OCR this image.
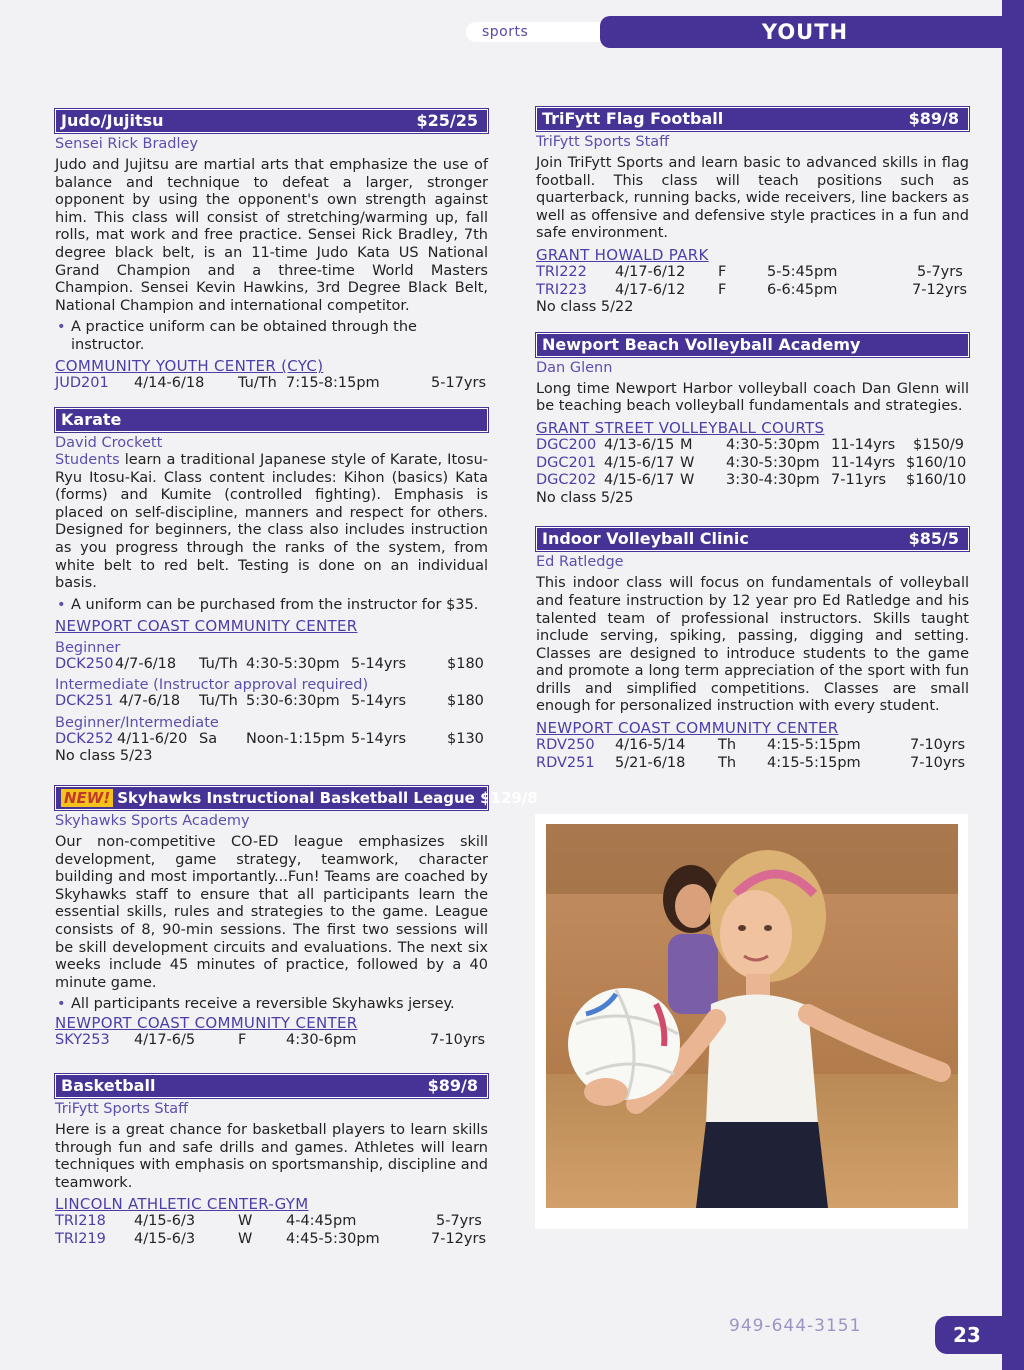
sports	YOUTH
Judo/Jujitsu	$25/25
Sensei Rick Bradley
Judo and Jujitsu are martial arts that emphasize the use of balance and technique to defeat a larger, stronger opponent by using the opponent's own strength against him. This class will consist of stretching/warming up, fall rolls, mat work and free practice. Sensei Rick Bradley, 7th degree black belt, is an 11-time Judo Kata US National Grand Champion and a three-time World Masters Champion. Sensei Kevin Hawkins, 3rd Degree Black Belt, National Champion and international competitor.
• A practice uniform can be obtained through the instructor.
COMMUNITY YOUTH CENTER (CYC)
JUD201 4/14-6/18 Tu/Th 7:15-8:15pm	5-17yrs
Karate
David Crockett
Students learn a traditional Japanese style of Karate, Itosu-Ryu Itosu-Kai. Class content includes: Kihon (basics) Kata (forms) and Kumite (controlled fighting). Emphasis is placed on self-discipline, manners and respect for others. Designed for beginners, the class also includes instruction as you progress through the ranks of the system, from white belt to red belt. Testing is done on an individual basis.
• A uniform can be purchased from the instructor for $35.
NEWPORT COAST COMMUNITY CENTER
Beginner
DCK250 4/7-6/18 Tu/Th 4:30-5:30pm 5-14yrs	$180
Intermediate (Instructor approval required)
DCK251 4/7-6/18 Tu/Th 5:30-6:30pm 5-14yrs	$180
Beginner/Intermediate
DCK252 4/11-6/20 Sa Noon-1:15pm 5-14yrs	$130
No class 5/23
NEW! Skyhawks Instructional Basketball League $129/8
Skyhawks Sports Academy
Our non-competitive CO-ED league emphasizes skill development, game strategy, teamwork, character building and most importantly...Fun! Teams are coached by Skyhawks staff to ensure that all participants learn the essential skills, rules and strategies to the game. League consists of 8, 90-min sessions. The first two sessions will be skill development circuits and evaluations. The next six weeks include 45 minutes of practice, followed by a 40 minute game.
• All participants receive a reversible Skyhawks jersey.
NEWPORT COAST COMMUNITY CENTER
SKY253 4/17-6/5	F	4:30-6pm	7-10yrs
Basketball	$89/8
TriFytt Sports Staff
Here is a great chance for basketball players to learn skills through fun and safe drills and games. Athletes will learn techniques with emphasis on sportsmanship, discipline and teamwork.
LINCOLN ATHLETIC CENTER-GYM
TRI218 4/15-6/3	W 4-4:45pm	5-7yrs
TRI219 4/15-6/3	W 4:45-5:30pm	7-12yrs
TriFytt Flag Football	$89/8
TriFytt Sports Staff
Join TriFytt Sports and learn basic to advanced skills in flag football. This class will teach positions such as quarterback, running backs, wide receivers, line backers as well as offensive and defensive style practices in a fun and safe environment.
GRANT HOWALD PARK
TRI222 4/17-6/12 F	5-5:45pm	5-7yrs
TRI223 4/17-6/12 F	6-6:45pm	7-12yrs
No class 5/22
Newport Beach Volleyball Academy
Dan Glenn
Long time Newport Harbor volleyball coach Dan Glenn will be teaching beach volleyball fundamentals and strategies.
GRANT STREET VOLLEYBALL COURTS
DGC200 4/13-6/15 M 4:30-5:30pm 11-14yrs $150/9
DGC201 4/15-6/17 W 4:30-5:30pm 11-14yrs $160/10
DGC202 4/15-6/17 W 3:30-4:30pm 7-11yrs $160/10
No class 5/25
Indoor Volleyball Clinic	$85/5
Ed Ratledge
This indoor class will focus on fundamentals of volleyball and feature instruction by 12 year pro Ed Ratledge and his talented team of professional instructors. Skills taught include serving, spiking, passing, digging and setting. Classes are designed to introduce students to the game and promote a long term appreciation of the sport with fun drills and simplified competitions. Classes are small enough for personalized instruction with every student.
NEWPORT COAST COMMUNITY CENTER
RDV250 4/16-5/14 Th 4:15-5:15pm	7-10yrs
RDV251 5/21-6/18 Th 4:15-5:15pm	7-10yrs
949-644-3151	23
